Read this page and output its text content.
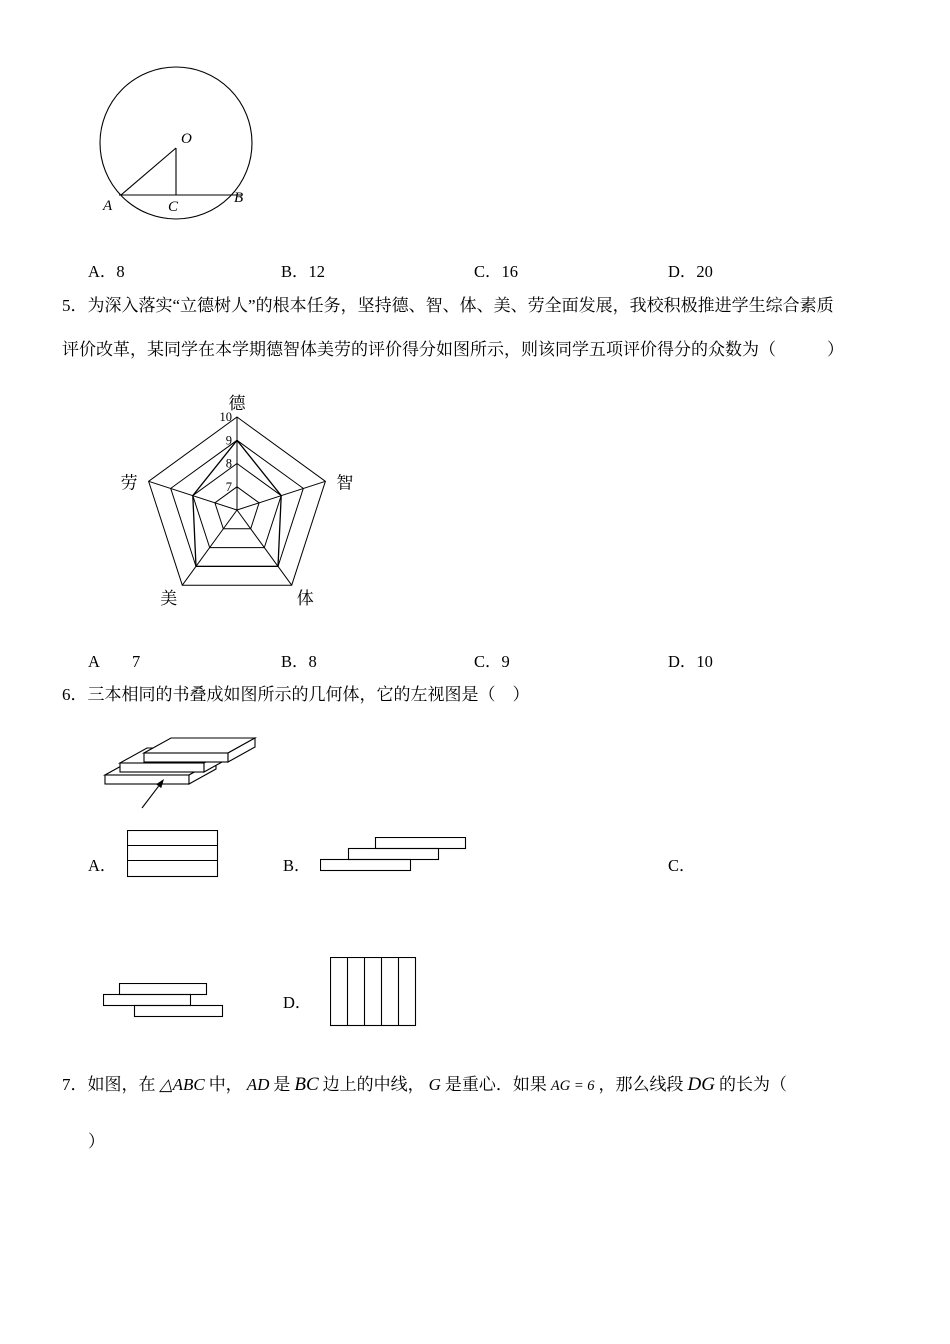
O
A	C
B
A．8	B．12	C．16	D．20
5．为深入落实“立德树人”的根本任务，坚持德、智、体、美、劳全面发展，我校积极推进学生综合素质
评价改革，某同学在本学期德智体美劳的评价得分如图所示，则该同学五项评价得分的众数为（　　　）
德
智
体
美
劳
10
9
8
7
A　　7	B．8	C．9	D．10
6．三本相同的书叠成如图所示的几何体，它的左视图是（　）
A．	B．	C．
D．
7．如图，在 △ABC 中， AD 是 BC 边上的中线， G 是重心．如果 AG = 6 ，那么线段 DG 的长为（
）
